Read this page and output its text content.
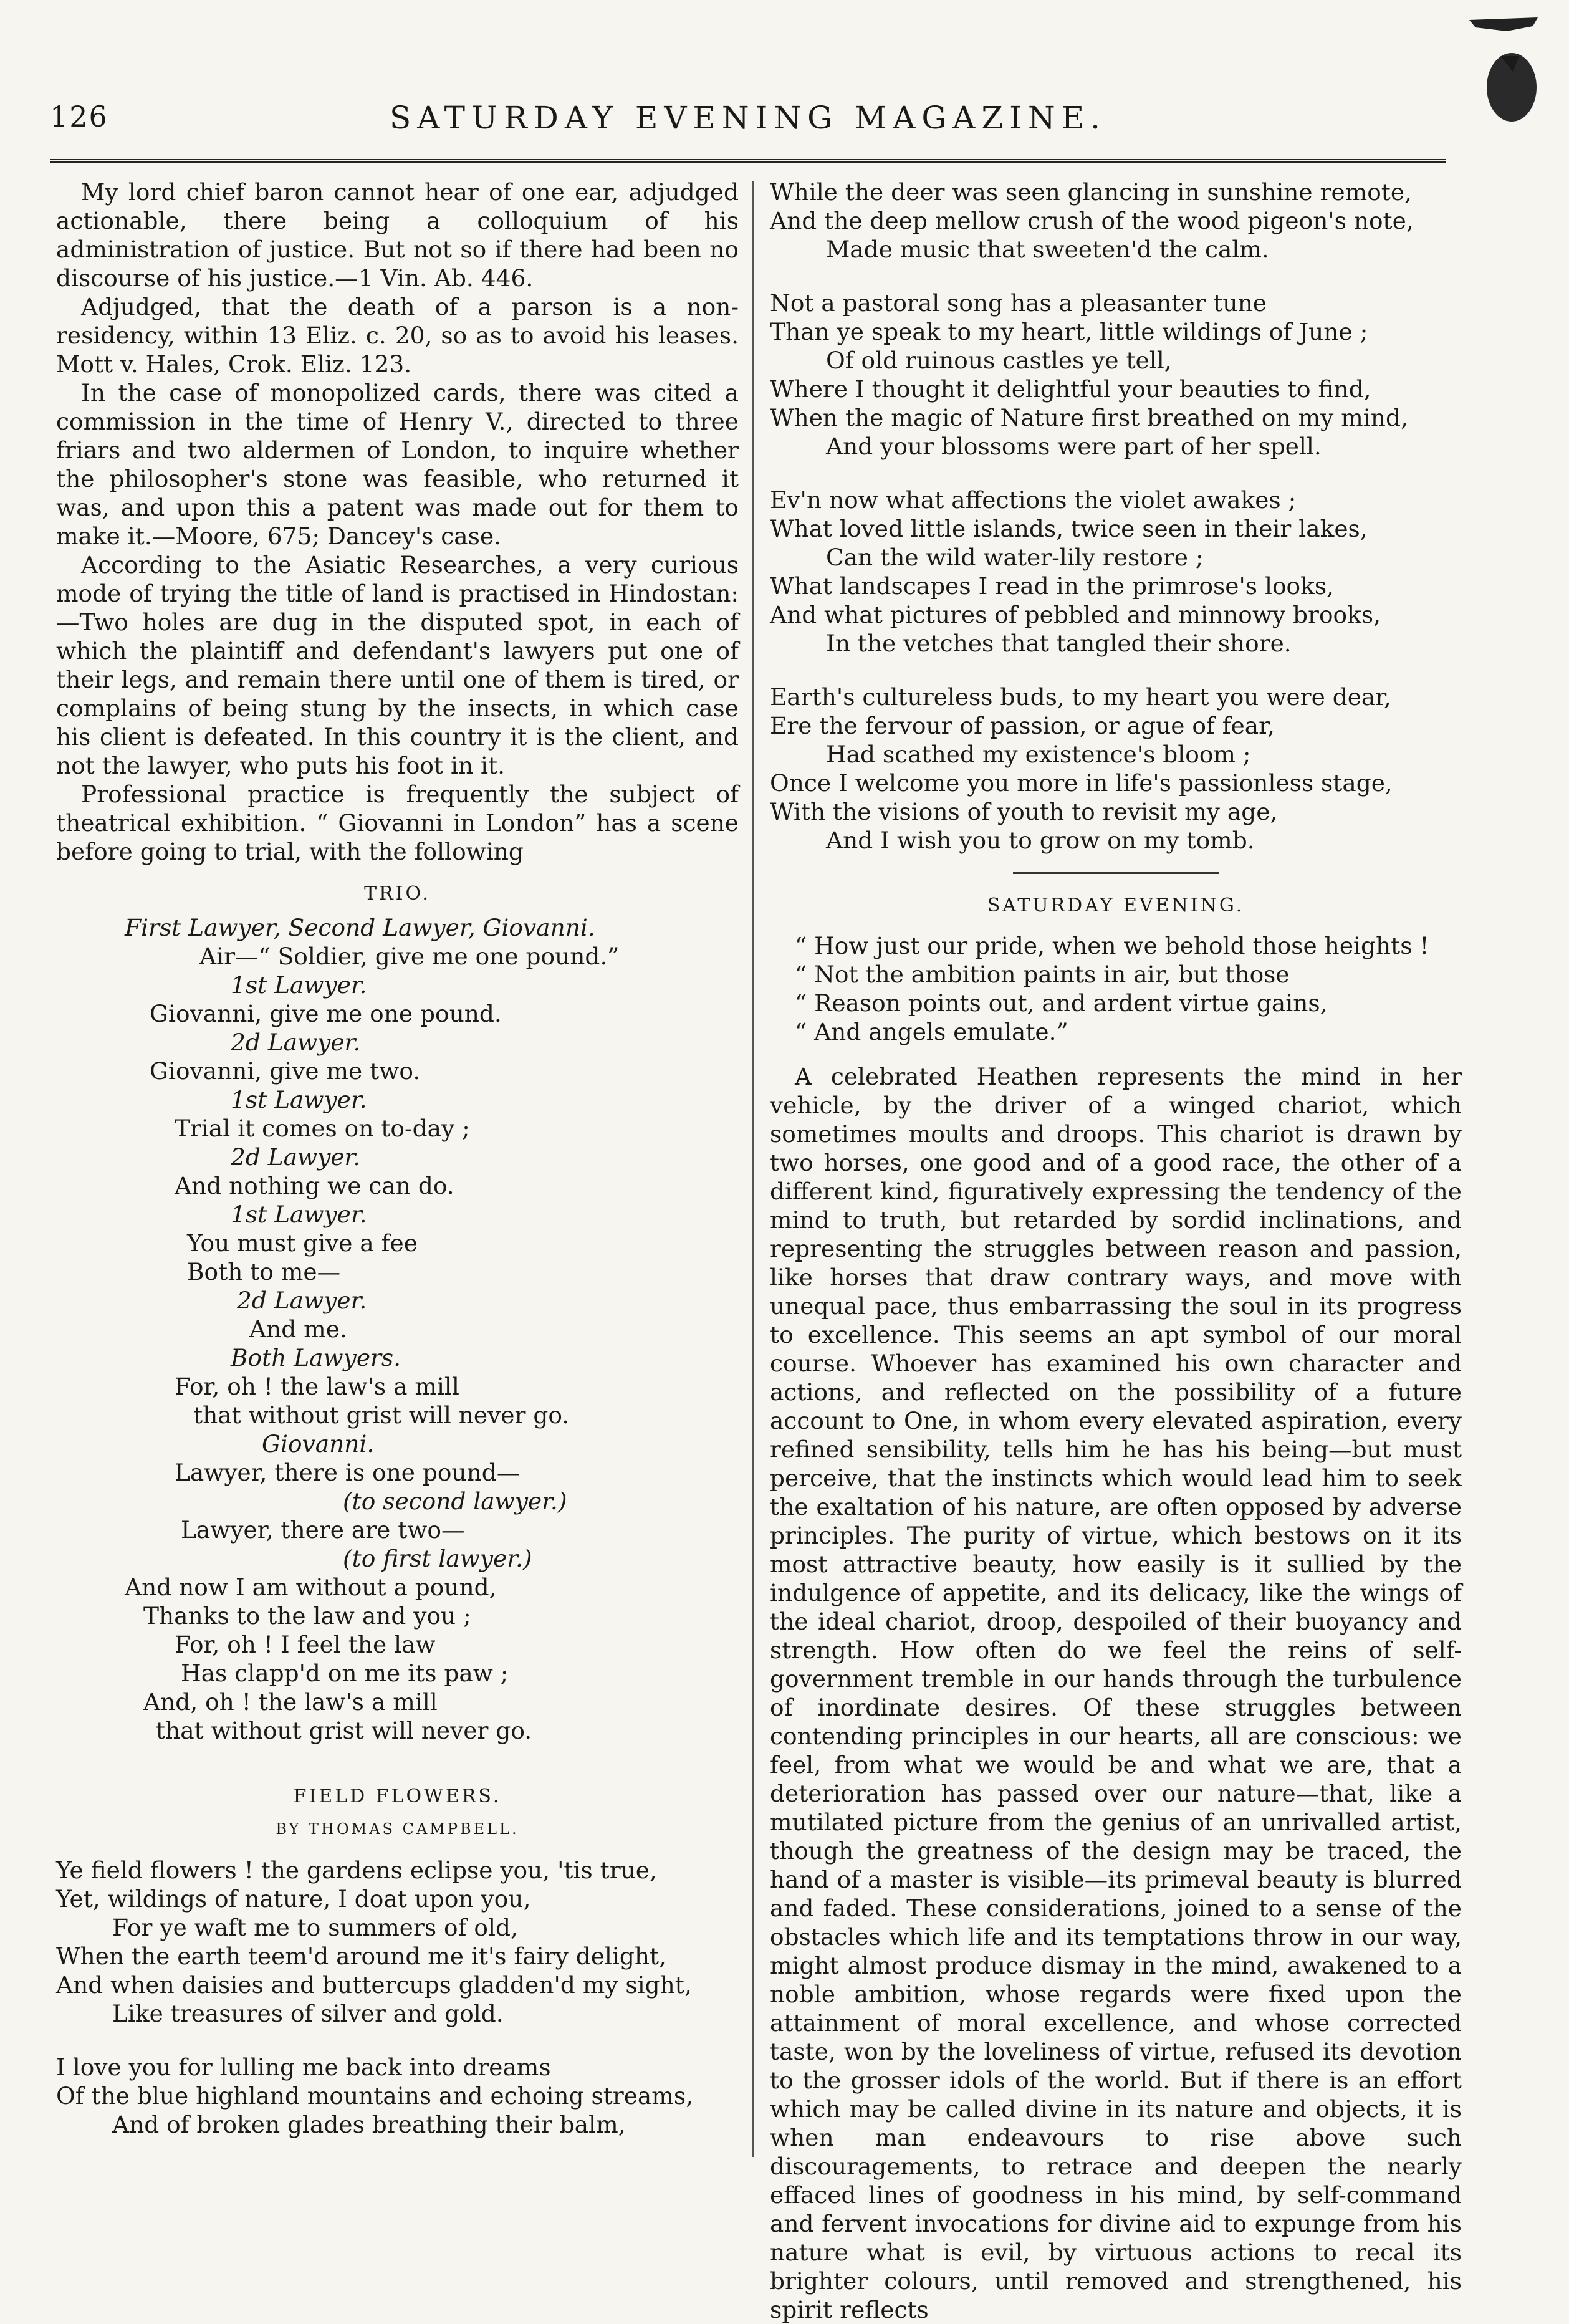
126	SATURDAY EVENING MAGAZINE.

My lord chief baron cannot hear of one ear, adjudged actionable, there being a colloquium of his administration of justice. But not so if there had been no discourse of his justice.—1 Vin. Ab. 446.

Adjudged, that the death of a parson is a non-residency, within 13 Eliz. c. 20, so as to avoid his leases. Mott v. Hales, Crok. Eliz. 123.

In the case of monopolized cards, there was cited a commission in the time of Henry V., directed to three friars and two aldermen of London, to inquire whether the philosopher's stone was feasible, who returned it was, and upon this a patent was made out for them to make it.—Moore, 675; Dancey's case.

According to the Asiatic Researches, a very curious mode of trying the title of land is practised in Hindostan:—Two holes are dug in the disputed spot, in each of which the plaintiff and defendant's lawyers put one of their legs, and remain there until one of them is tired, or complains of being stung by the insects, in which case his client is defeated. In this country it is the client, and not the lawyer, who puts his foot in it.

Professional practice is frequently the subject of theatrical exhibition. “ Giovanni in London” has a scene before going to trial, with the following

TRIO.

First Lawyer, Second Lawyer, Giovanni.

Air—“ Soldier, give me one pound.”

1st Lawyer.

Giovanni, give me one pound.

2d Lawyer.

Giovanni, give me two.

1st Lawyer.

Trial it comes on to-day ;

2d Lawyer.

And nothing we can do.

1st Lawyer.

You must give a fee

Both to me—

2d Lawyer.

And me.

Both Lawyers.

For, oh ! the law's a mill

that without grist will never go.

Giovanni.

Lawyer, there is one pound—

(to second lawyer.)

Lawyer, there are two—

(to first lawyer.)

And now I am without a pound,

Thanks to the law and you ;

For, oh ! I feel the law

Has clapp'd on me its paw ;

And, oh ! the law's a mill

that without grist will never go.

FIELD FLOWERS.

BY THOMAS CAMPBELL.

Ye field flowers ! the gardens eclipse you, 'tis true,

Yet, wildings of nature, I doat upon you,

For ye waft me to summers of old,

When the earth teem'd around me it's fairy delight,

And when daisies and buttercups gladden'd my sight,

Like treasures of silver and gold.

I love you for lulling me back into dreams

Of the blue highland mountains and echoing streams,

And of broken glades breathing their balm,

While the deer was seen glancing in sunshine remote,

And the deep mellow crush of the wood pigeon's note,

Made music that sweeten'd the calm.

Not a pastoral song has a pleasanter tune

Than ye speak to my heart, little wildings of June ;

Of old ruinous castles ye tell,

Where I thought it delightful your beauties to find,

When the magic of Nature first breathed on my mind,

And your blossoms were part of her spell.

Ev'n now what affections the violet awakes ;

What loved little islands, twice seen in their lakes,

Can the wild water-lily restore ;

What landscapes I read in the primrose's looks,

And what pictures of pebbled and minnowy brooks,

In the vetches that tangled their shore.

Earth's cultureless buds, to my heart you were dear,

Ere the fervour of passion, or ague of fear,

Had scathed my existence's bloom ;

Once I welcome you more in life's passionless stage,

With the visions of youth to revisit my age,

And I wish you to grow on my tomb.

SATURDAY EVENING.

“ How just our pride, when we behold those heights !

“ Not the ambition paints in air, but those

“ Reason points out, and ardent virtue gains,

“ And angels emulate.”

A celebrated Heathen represents the mind in her vehicle, by the driver of a winged chariot, which sometimes moults and droops. This chariot is drawn by two horses, one good and of a good race, the other of a different kind, figuratively expressing the tendency of the mind to truth, but retarded by sordid inclinations, and representing the struggles between reason and passion, like horses that draw contrary ways, and move with unequal pace, thus embarrassing the soul in its progress to excellence. This seems an apt symbol of our moral course. Whoever has examined his own character and actions, and reflected on the possibility of a future account to One, in whom every elevated aspiration, every refined sensibility, tells him he has his being—but must perceive, that the instincts which would lead him to seek the exaltation of his nature, are often opposed by adverse principles. The purity of virtue, which bestows on it its most attractive beauty, how easily is it sullied by the indulgence of appetite, and its delicacy, like the wings of the ideal chariot, droop, despoiled of their buoyancy and strength. How often do we feel the reins of self-government tremble in our hands through the turbulence of inordinate desires. Of these struggles between contending principles in our hearts, all are conscious: we feel, from what we would be and what we are, that a deterioration has passed over our nature—that, like a mutilated picture from the genius of an unrivalled artist, though the greatness of the design may be traced, the hand of a master is visible—its primeval beauty is blurred and faded. These considerations, joined to a sense of the obstacles which life and its temptations throw in our way, might almost produce dismay in the mind, awakened to a noble ambition, whose regards were fixed upon the attainment of moral excellence, and whose corrected taste, won by the loveliness of virtue, refused its devotion to the grosser idols of the world. But if there is an effort which may be called divine in its nature and objects, it is when man endeavours to rise above such discouragements, to retrace and deepen the nearly effaced lines of goodness in his mind, by self-command and fervent invocations for divine aid to expunge from his nature what is evil, by virtuous actions to recal its brighter colours, until removed and strengthened, his spirit reflects
